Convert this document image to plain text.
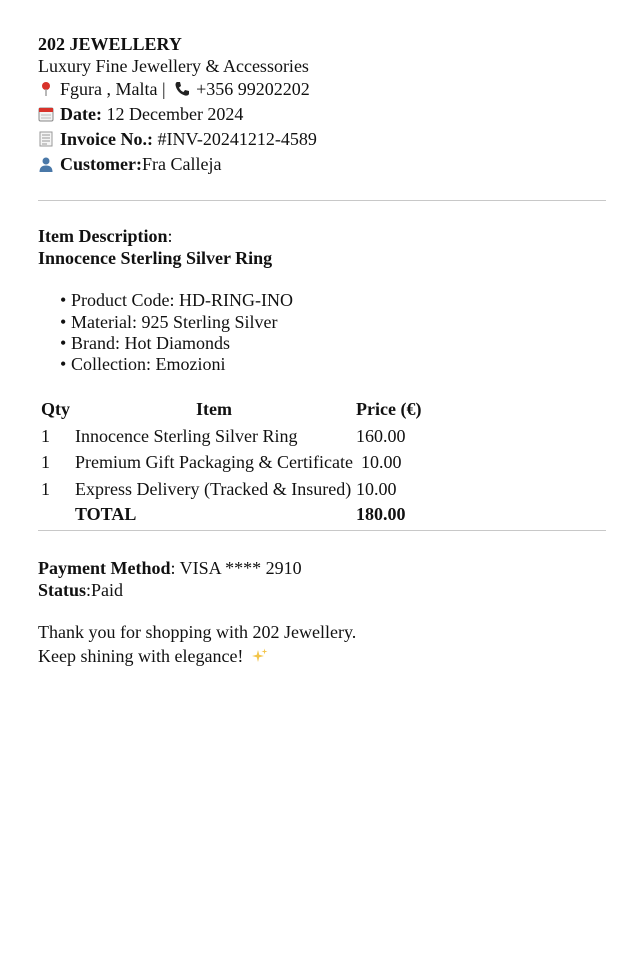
202 JEWELLERY
Luxury Fine Jewellery & Accessories
Fgura , Malta | +356 99202202
Date: 12 December 2024
Invoice No.: #INV-20241212-4589
Customer:Fra Calleja
Item Description:
Innocence Sterling Silver Ring
• Product Code: HD-RING-INO
• Material: 925 Sterling Silver
• Brand: Hot Diamonds
• Collection: Emozioni
Qty	Item	Price (€)
1 Innocence Sterling Silver Ring	160.00
1 Premium Gift Packaging & Certificate 10.00
1 Express Delivery (Tracked & Insured) 10.00
TOTAL	180.00
Payment Method: VISA **** 2910
Status:Paid
Thank you for shopping with 202 Jewellery.
Keep shining with elegance!
